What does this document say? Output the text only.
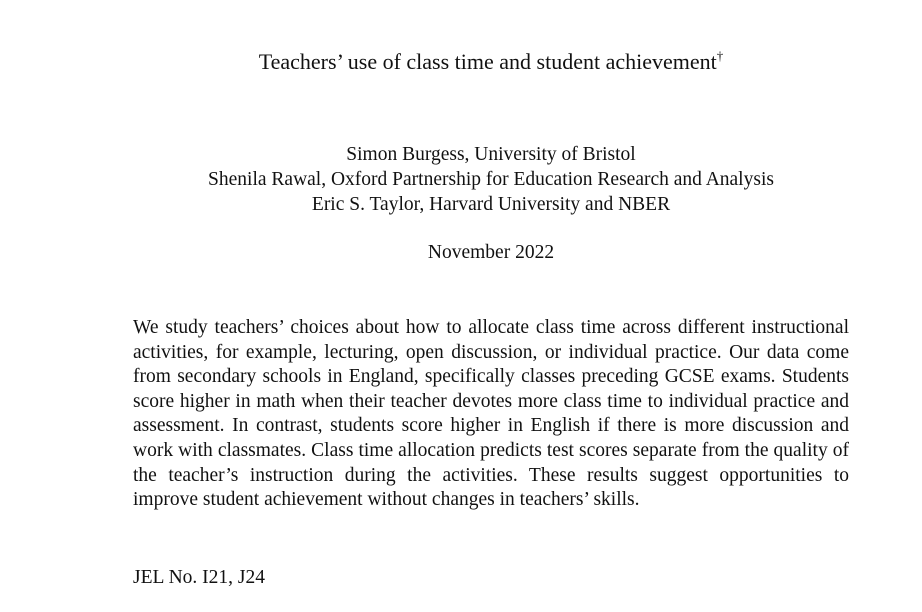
Teachers’ use of class time and student achievement†
Simon Burgess, University of Bristol
Shenila Rawal, Oxford Partnership for Education Research and Analysis
Eric S. Taylor, Harvard University and NBER
November 2022
We study teachers’ choices about how to allocate class time across different instructional activities, for example, lecturing, open discussion, or individual practice. Our data come from secondary schools in England, specifically classes preceding GCSE exams. Students score higher in math when their teacher devotes more class time to individual practice and assessment. In contrast, students score higher in English if there is more discussion and work with classmates. Class time allocation predicts test scores separate from the quality of the teacher’s instruction during the activities. These results suggest opportunities to improve student achievement without changes in teachers’ skills.
JEL No. I21, J24
